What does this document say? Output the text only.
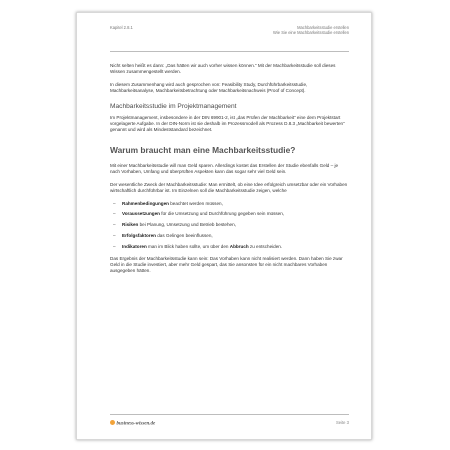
Kapitel 2.8.1	Machbarkeitsstudie erstellen
Wie Sie eine Machbarkeitsstudie erstellen

Nicht selten heißt es dann: „Das hätten wir auch vorher wissen können.“ Mit der Machbarkeitsstudie soll dieses Wissen zusammengestellt werden.

In diesem Zusammenhang wird auch gesprochen von: Feasibility Study, Durchführbarkeitsstudie, Machbarkeitsanalyse, Machbarkeitsbetrachtung oder Machbarkeitsnachweis (Proof of Concept).

Machbarkeitsstudie im Projektmanagement

Im Projektmanagement, insbesondere in der DIN 69901-2, ist „das Prüfen der Machbarkeit“ eine dem Projektstart vorgelagerte Aufgabe. In der DIN-Norm ist sie deshalb im Prozessmodell als Prozess D.8.3 „Machbarkeit bewerten“ genannt und wird als Mindeststandard bezeichnet.

Warum braucht man eine Machbarkeitsstudie?

Mit einer Machbarkeitsstudie will man Geld sparen. Allerdings kostet das Erstellen der Studie ebenfalls Geld – je nach Vorhaben, Umfang und überprüften Aspekten kann das sogar sehr viel Geld sein.

Der wesentliche Zweck der Machbarkeitsstudie: Man ermittelt, ob eine Idee erfolgreich umsetzbar oder ein Vorhaben wirtschaftlich durchführbar ist. Im Einzelnen soll die Machbarkeitsstudie zeigen, welche

– Rahmenbedingungen beachtet werden müssen,
– Voraussetzungen für die Umsetzung und Durchführung gegeben sein müssen,
– Risiken bei Planung, Umsetzung und Betrieb bestehen,
– Erfolgsfaktoren das Gelingen beeinflussen,
– Indikatoren man im Blick haben sollte, um über den Abbruch zu entscheiden.

Das Ergebnis der Machbarkeitsstudie kann sein: Das Vorhaben kann nicht realisiert werden. Dann haben Sie zwar Geld in die Studie investiert, aber mehr Geld gespart, das Sie ansonsten für ein nicht machbares Vorhaben ausgegeben hätten.

business-wissen.de	Seite 3
